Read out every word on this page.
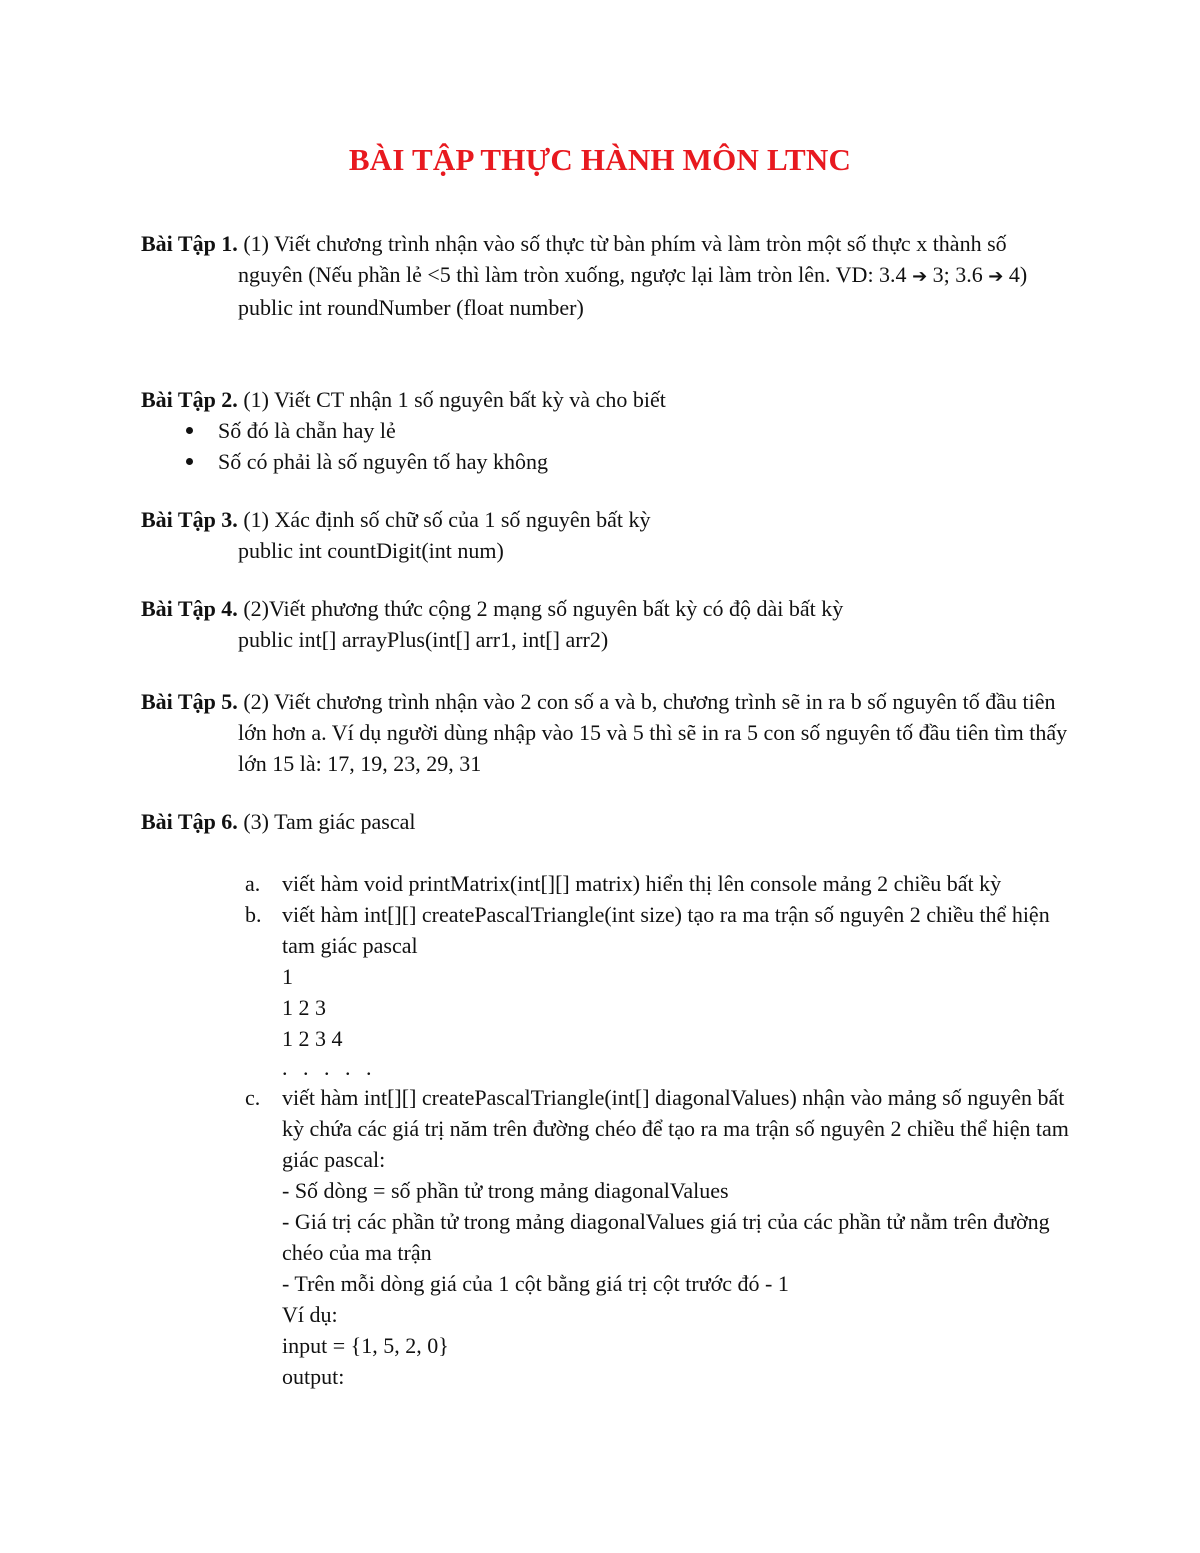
BÀI TẬP THỰC HÀNH MÔN LTNC
Bài Tập 1. (1) Viết chương trình nhận vào số thực từ bàn phím và làm tròn một số thực x thành số nguyên (Nếu phần lẻ <5 thì làm tròn xuống, ngược lại làm tròn lên. VD: 3.4 ➔ 3; 3.6 ➔ 4)
public int roundNumber (float number)
Bài Tập 2. (1) Viết CT nhận 1 số nguyên bất kỳ và cho biết
Số đó là chẵn hay lẻ
Số có phải là số nguyên tố hay không
Bài Tập 3. (1) Xác định số chữ số của 1 số nguyên bất kỳ
public int countDigit(int num)
Bài Tập 4. (2)Viết phương thức cộng 2 mạng số nguyên bất kỳ có độ dài bất kỳ
public int[] arrayPlus(int[] arr1, int[] arr2)
Bài Tập 5. (2) Viết chương trình nhận vào 2 con số a và b, chương trình sẽ in ra b số nguyên tố đầu tiên lớn hơn a. Ví dụ người dùng nhập vào 15 và 5 thì sẽ in ra 5 con số nguyên tố đầu tiên tìm thấy lớn 15 là: 17, 19, 23, 29, 31
Bài Tập 6. (3) Tam giác pascal
a. viết hàm void printMatrix(int[][] matrix) hiển thị lên console mảng 2 chiều bất kỳ
b. viết hàm int[][] createPascalTriangle(int size) tạo ra ma trận số nguyên 2 chiều thể hiện tam giác pascal
1
1 2 3
1 2 3 4
. . . . .
c. viết hàm int[][] createPascalTriangle(int[] diagonalValues) nhận vào mảng số nguyên bất kỳ chứa các giá trị năm trên đường chéo để tạo ra ma trận số nguyên 2 chiều thể hiện tam giác pascal:
- Số dòng = số phần tử trong mảng diagonalValues
- Giá trị các phần tử trong mảng diagonalValues giá trị của các phần tử nằm trên đường chéo của ma trận
- Trên mỗi dòng giá của 1 cột bằng giá trị cột trước đó - 1
Ví dụ:
input = {1, 5, 2, 0}
output:
